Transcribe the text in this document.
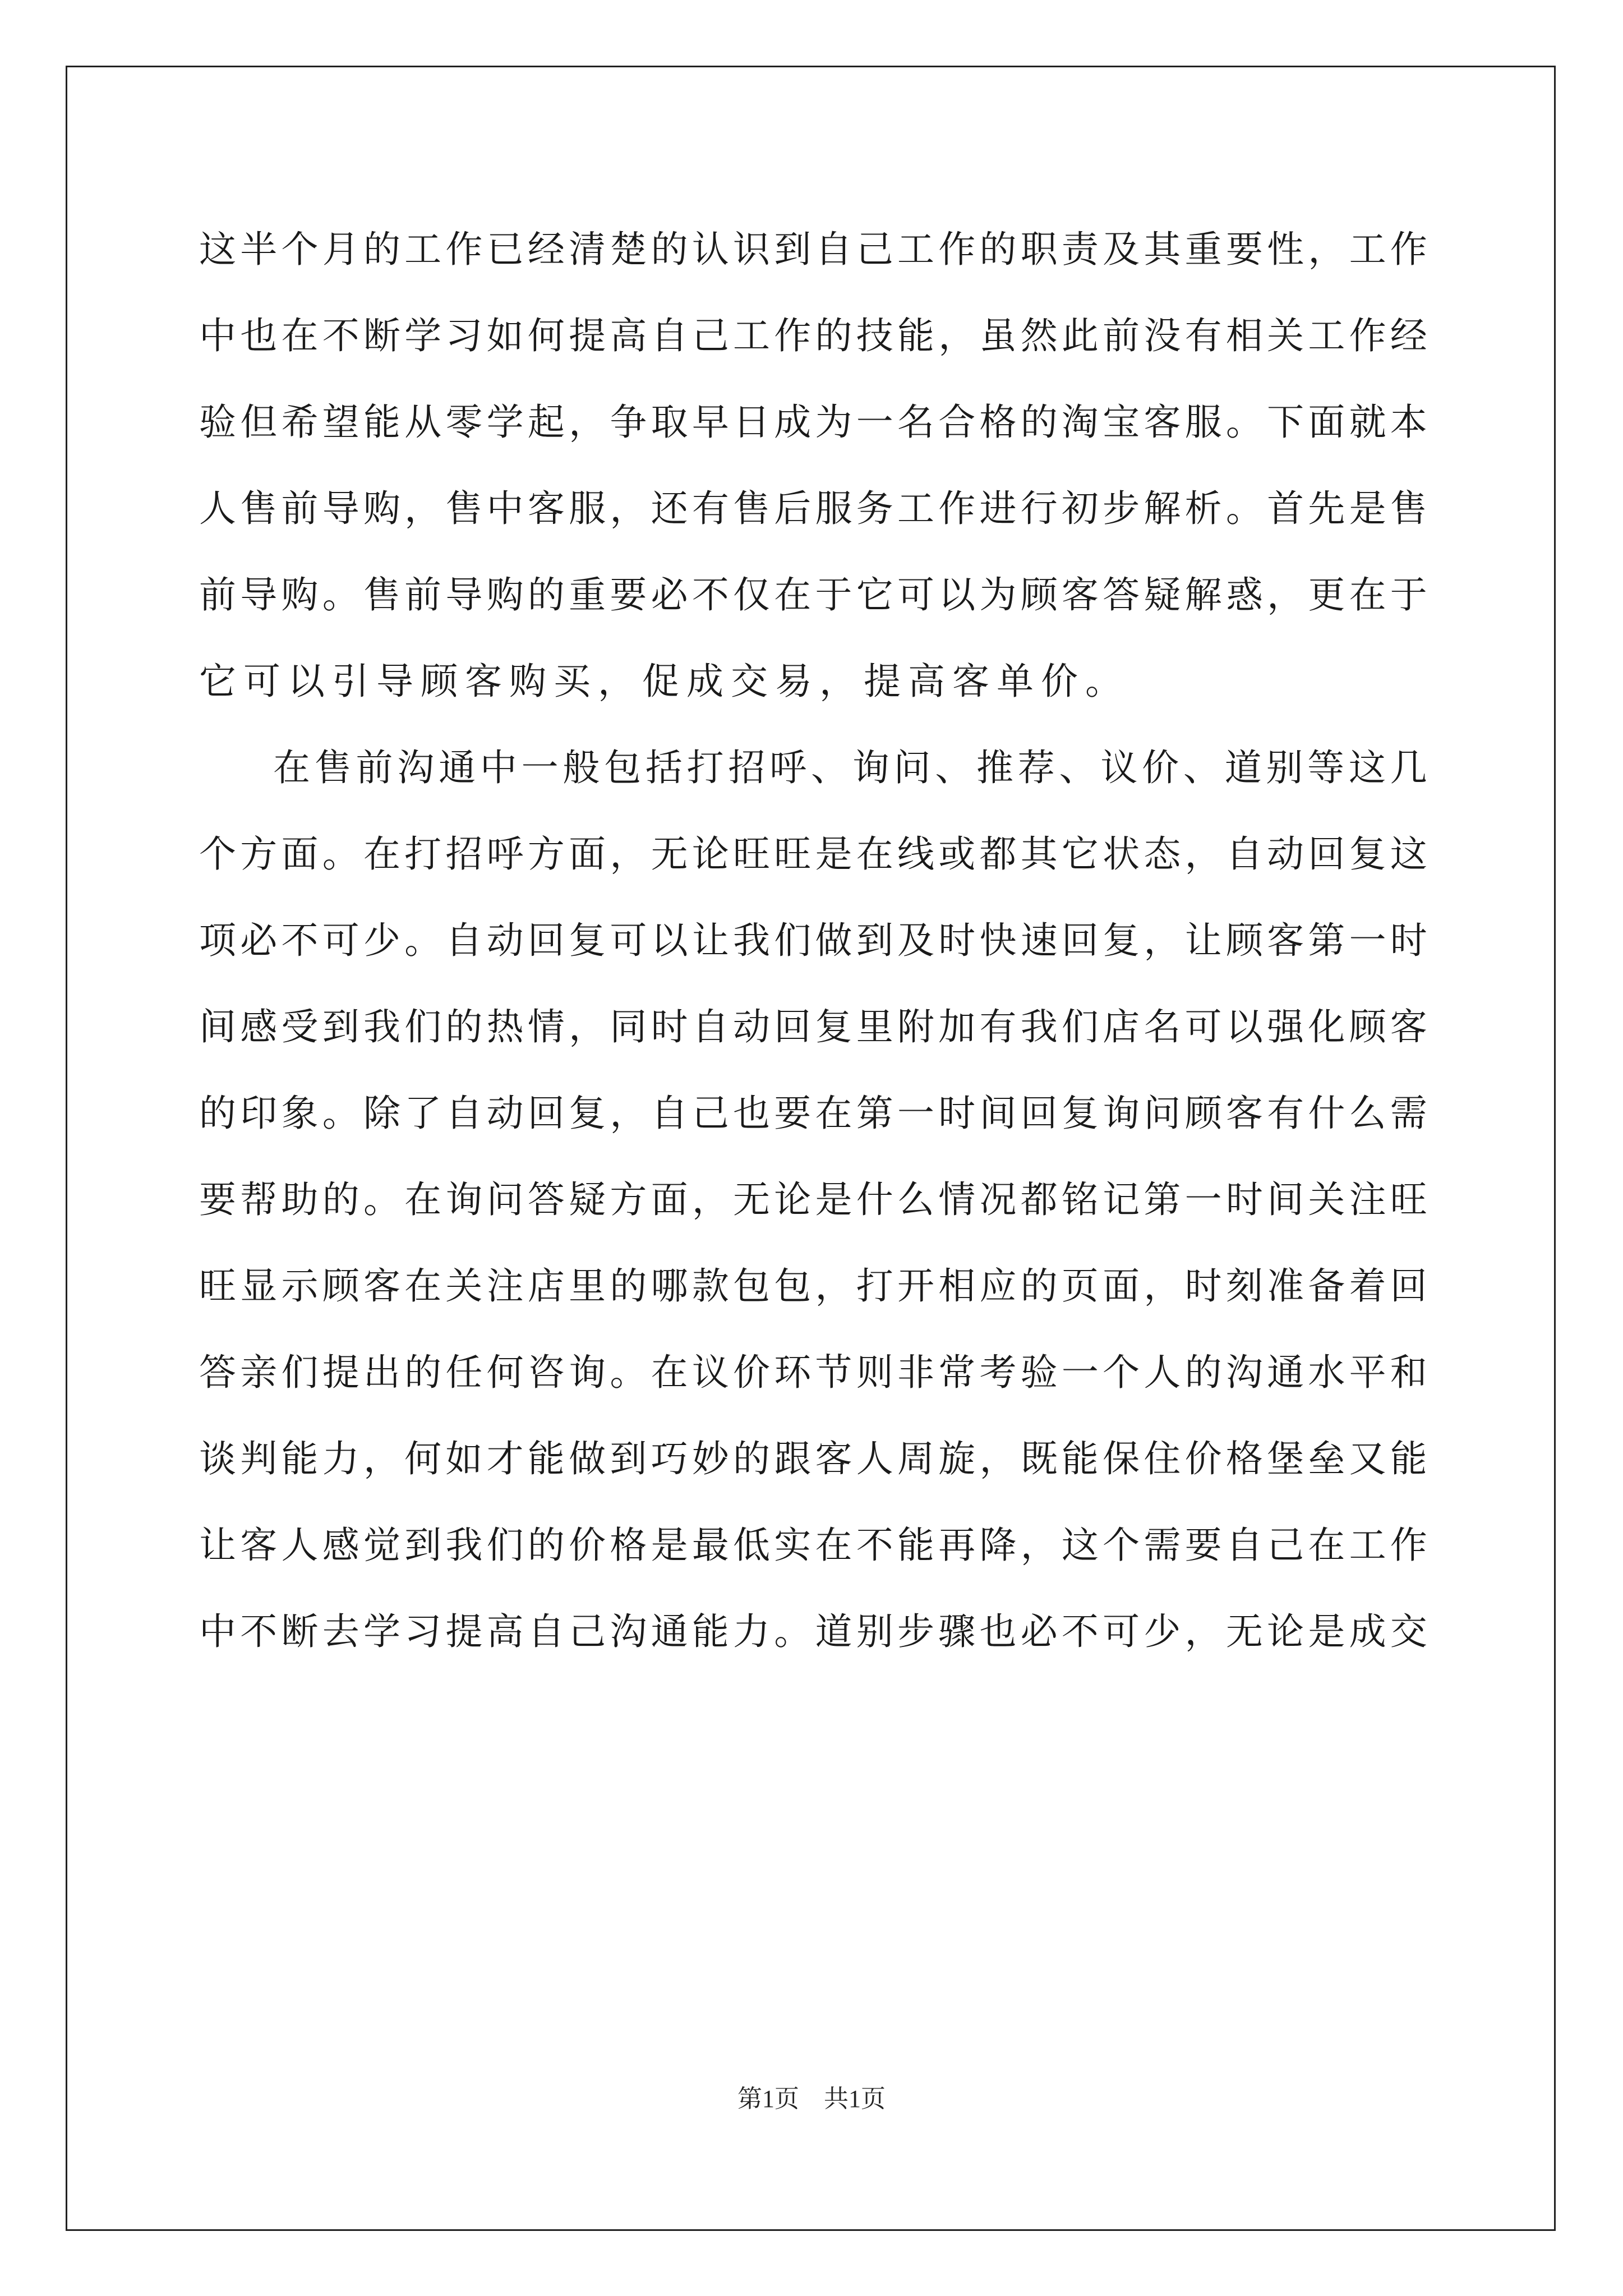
这 半 个 月 的 工 作 已 经 清 楚 的 认 识 到 自 己 工 作 的 职 责 及 其 重 要 性 ， 工 作
中 也 在 不 断 学 习 如 何 提 高 自 己 工 作 的 技 能 ， 虽 然 此 前 没 有 相 关 工 作 经
验 但 希 望 能 从 零 学 起 ， 争 取 早 日 成 为 一 名 合 格 的 淘 宝 客 服 。 下 面 就 本
人 售 前 导 购 ， 售 中 客 服 ， 还 有 售 后 服 务 工 作 进 行 初 步 解 析 。 首 先 是 售
前 导 购 。 售 前 导 购 的 重 要 必 不 仅 在 于 它 可 以 为 顾 客 答 疑 解 惑 ， 更 在 于
它可以引导顾客购买，促成交易，提高客单价。
在 售 前 沟 通 中 一 般 包 括 打 招 呼 、 询 问 、 推 荐 、 议 价 、 道 别 等 这 几
个 方 面 。 在 打 招 呼 方 面 ， 无 论 旺 旺 是 在 线 或 都 其 它 状 态 ， 自 动 回 复 这
项 必 不 可 少 。 自 动 回 复 可 以 让 我 们 做 到 及 时 快 速 回 复 ， 让 顾 客 第 一 时
间 感 受 到 我 们 的 热 情 ， 同 时 自 动 回 复 里 附 加 有 我 们 店 名 可 以 强 化 顾 客
的 印 象 。 除 了 自 动 回 复 ， 自 己 也 要 在 第 一 时 间 回 复 询 问 顾 客 有 什 么 需
要 帮 助 的 。 在 询 问 答 疑 方 面 ， 无 论 是 什 么 情 况 都 铭 记 第 一 时 间 关 注 旺
旺 显 示 顾 客 在 关 注 店 里 的 哪 款 包 包 ， 打 开 相 应 的 页 面 ， 时 刻 准 备 着 回
答 亲 们 提 出 的 任 何 咨 询 。 在 议 价 环 节 则 非 常 考 验 一 个 人 的 沟 通 水 平 和
谈 判 能 力 ， 何 如 才 能 做 到 巧 妙 的 跟 客 人 周 旋 ， 既 能 保 住 价 格 堡 垒 又 能
让 客 人 感 觉 到 我 们 的 价 格 是 最 低 实 在 不 能 再 降 ， 这 个 需 要 自 己 在 工 作
中 不 断 去 学 习 提 高 自 己 沟 通 能 力 。 道 别 步 骤 也 必 不 可 少 ， 无 论 是 成 交
第1页　共1页
